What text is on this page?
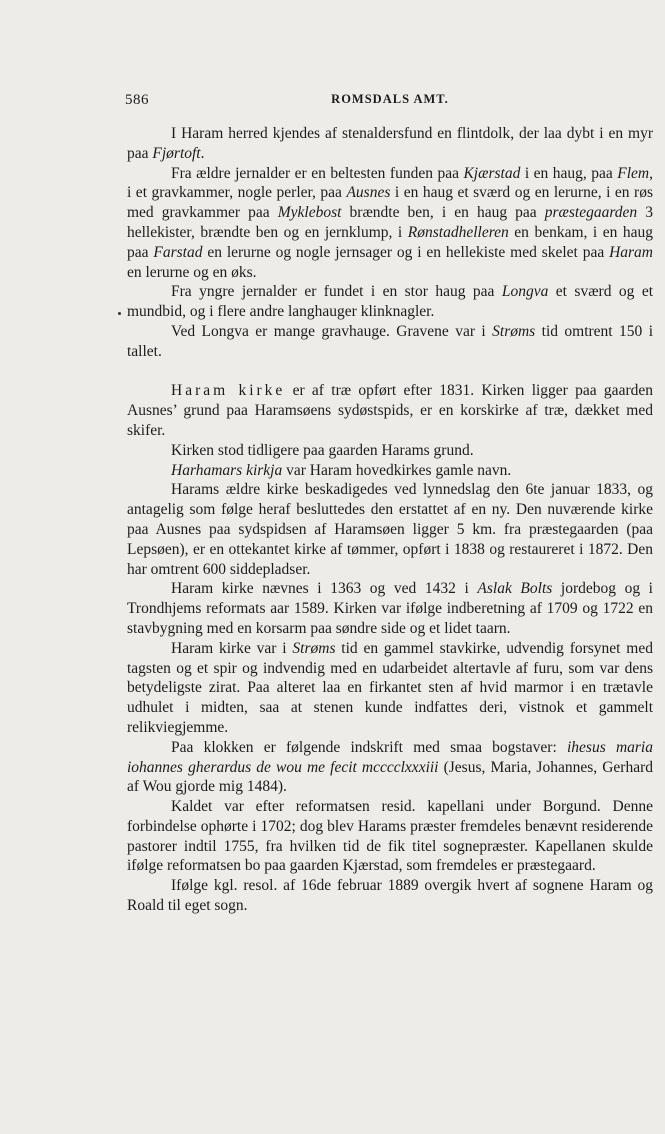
586	ROMSDALS AMT.

I Haram herred kjendes af stenaldersfund en flintdolk, der laa dybt i en myr paa Fjørtoft.

Fra ældre jernalder er en beltesten funden paa Kjærstad i en haug, paa Flem, i et gravkammer, nogle perler, paa Ausnes i en haug et sværd og en lerurne, i en røs med gravkammer paa Myklebost brændte ben, i en haug paa præstegaarden 3 hellekister, brændte ben og en jernklump, i Rønstadhelleren en benkam, i en haug paa Farstad en lerurne og nogle jernsager og i en hellekiste med skelet paa Haram en lerurne og en øks.

Fra yngre jernalder er fundet i en stor haug paa Longva et sværd og et mundbid, og i flere andre langhauger klinknagler.

Ved Longva er mange gravhauge. Gravene var i Strøms tid omtrent 150 i tallet.

Haram kirke er af træ opført efter 1831. Kirken ligger paa gaarden Ausnes’ grund paa Haramsøens sydøstspids, er en korskirke af træ, dækket med skifer.

Kirken stod tidligere paa gaarden Harams grund.

Harhamars kirkja var Haram hovedkirkes gamle navn.

Harams ældre kirke beskadigedes ved lynnedslag den 6te januar 1833, og antagelig som følge heraf besluttedes den erstattet af en ny. Den nuværende kirke paa Ausnes paa sydspidsen af Haramsøen ligger 5 km. fra præstegaarden (paa Lepsøen), er en ottekantet kirke af tømmer, opført i 1838 og restaureret i 1872. Den har omtrent 600 siddepladser.

Haram kirke nævnes i 1363 og ved 1432 i Aslak Bolts jordebog og i Trondhjems reformats aar 1589. Kirken var ifølge indberetning af 1709 og 1722 en stavbygning med en korsarm paa søndre side og et lidet taarn.

Haram kirke var i Strøms tid en gammel stavkirke, udvendig forsynet med tagsten og et spir og indvendig med en udarbeidet altertavle af furu, som var dens betydeligste zirat. Paa alteret laa en firkantet sten af hvid marmor i en trætavle udhulet i midten, saa at stenen kunde indfattes deri, vistnok et gammelt relikviegjemme.

Paa klokken er følgende indskrift med smaa bogstaver: ihesus maria iohannes gherardus de wou me fecit mcccclxxxiii (Jesus, Maria, Johannes, Gerhard af Wou gjorde mig 1484).

Kaldet var efter reformatsen resid. kapellani under Borgund. Denne forbindelse ophørte i 1702; dog blev Harams præster fremdeles benævnt residerende pastorer indtil 1755, fra hvilken tid de fik titel sognepræster. Kapellanen skulde ifølge reformatsen bo paa gaarden Kjærstad, som fremdeles er præstegaard.

Ifølge kgl. resol. af 16de februar 1889 overgik hvert af sognene Haram og Roald til eget sogn.
